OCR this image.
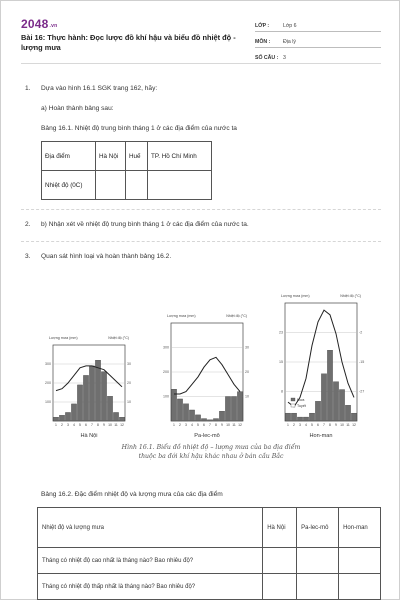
2048.vn
Bài 16: Thực hành: Đọc lược đồ khí hậu và biểu đồ nhiệt độ - lượng mưa
LỚP :	Lớp 6
MÔN :	Địa lý
SỐ CÂU : 3
1. Dựa vào hình 16.1 SGK trang 162, hãy:
a) Hoàn thành bảng sau:
Bảng 16.1. Nhiệt độ trung bình tháng 1 ở các địa điểm của nước ta
Địa điểm	Hà Nội	Huế	TP. Hồ Chí Minh
Nhiệt độ (0C)			
2. b) Nhận xét về nhiệt độ trung bình tháng 1 ở các địa điểm của nước ta.
3. Quan sát hình loại và hoàn thành bảng 16.2.
1 2 3 4 5 6 7 8 9 10 11 12
100
200
300
10
20
30
Lượng mưa (mm)	Nhiệt độ (°C)
Hà Nội
1 2 3 4 5 6 7 8 9 10 11 12
100
200
300
10
20
30
Lượng mưa (mm)	Nhiệt độ (°C)
Pa-lec-mô
1 2 3 4 5 6 7 8 9 10 11 12
8
15
23
-27
-15
-2
Lượng mưa (mm)	Nhiệt độ (°C)
Hon-man
Mưa
Tuyết
Hình 16.1. Biểu đồ nhiệt độ – lượng mưa của ba địa điểm
thuộc ba đới khí hậu khác nhau ở bán cầu Bắc
Bảng 16.2. Đặc điểm nhiệt độ và lượng mưa của các địa điểm
Nhiệt độ và lượng mưa	Hà Nội	Pa-lec-mô	Hon-man
Tháng có nhiệt độ cao nhất là tháng nào? Bao nhiêu độ?			
Tháng có nhiệt độ thấp nhất là tháng nào? Bao nhiêu độ?			
